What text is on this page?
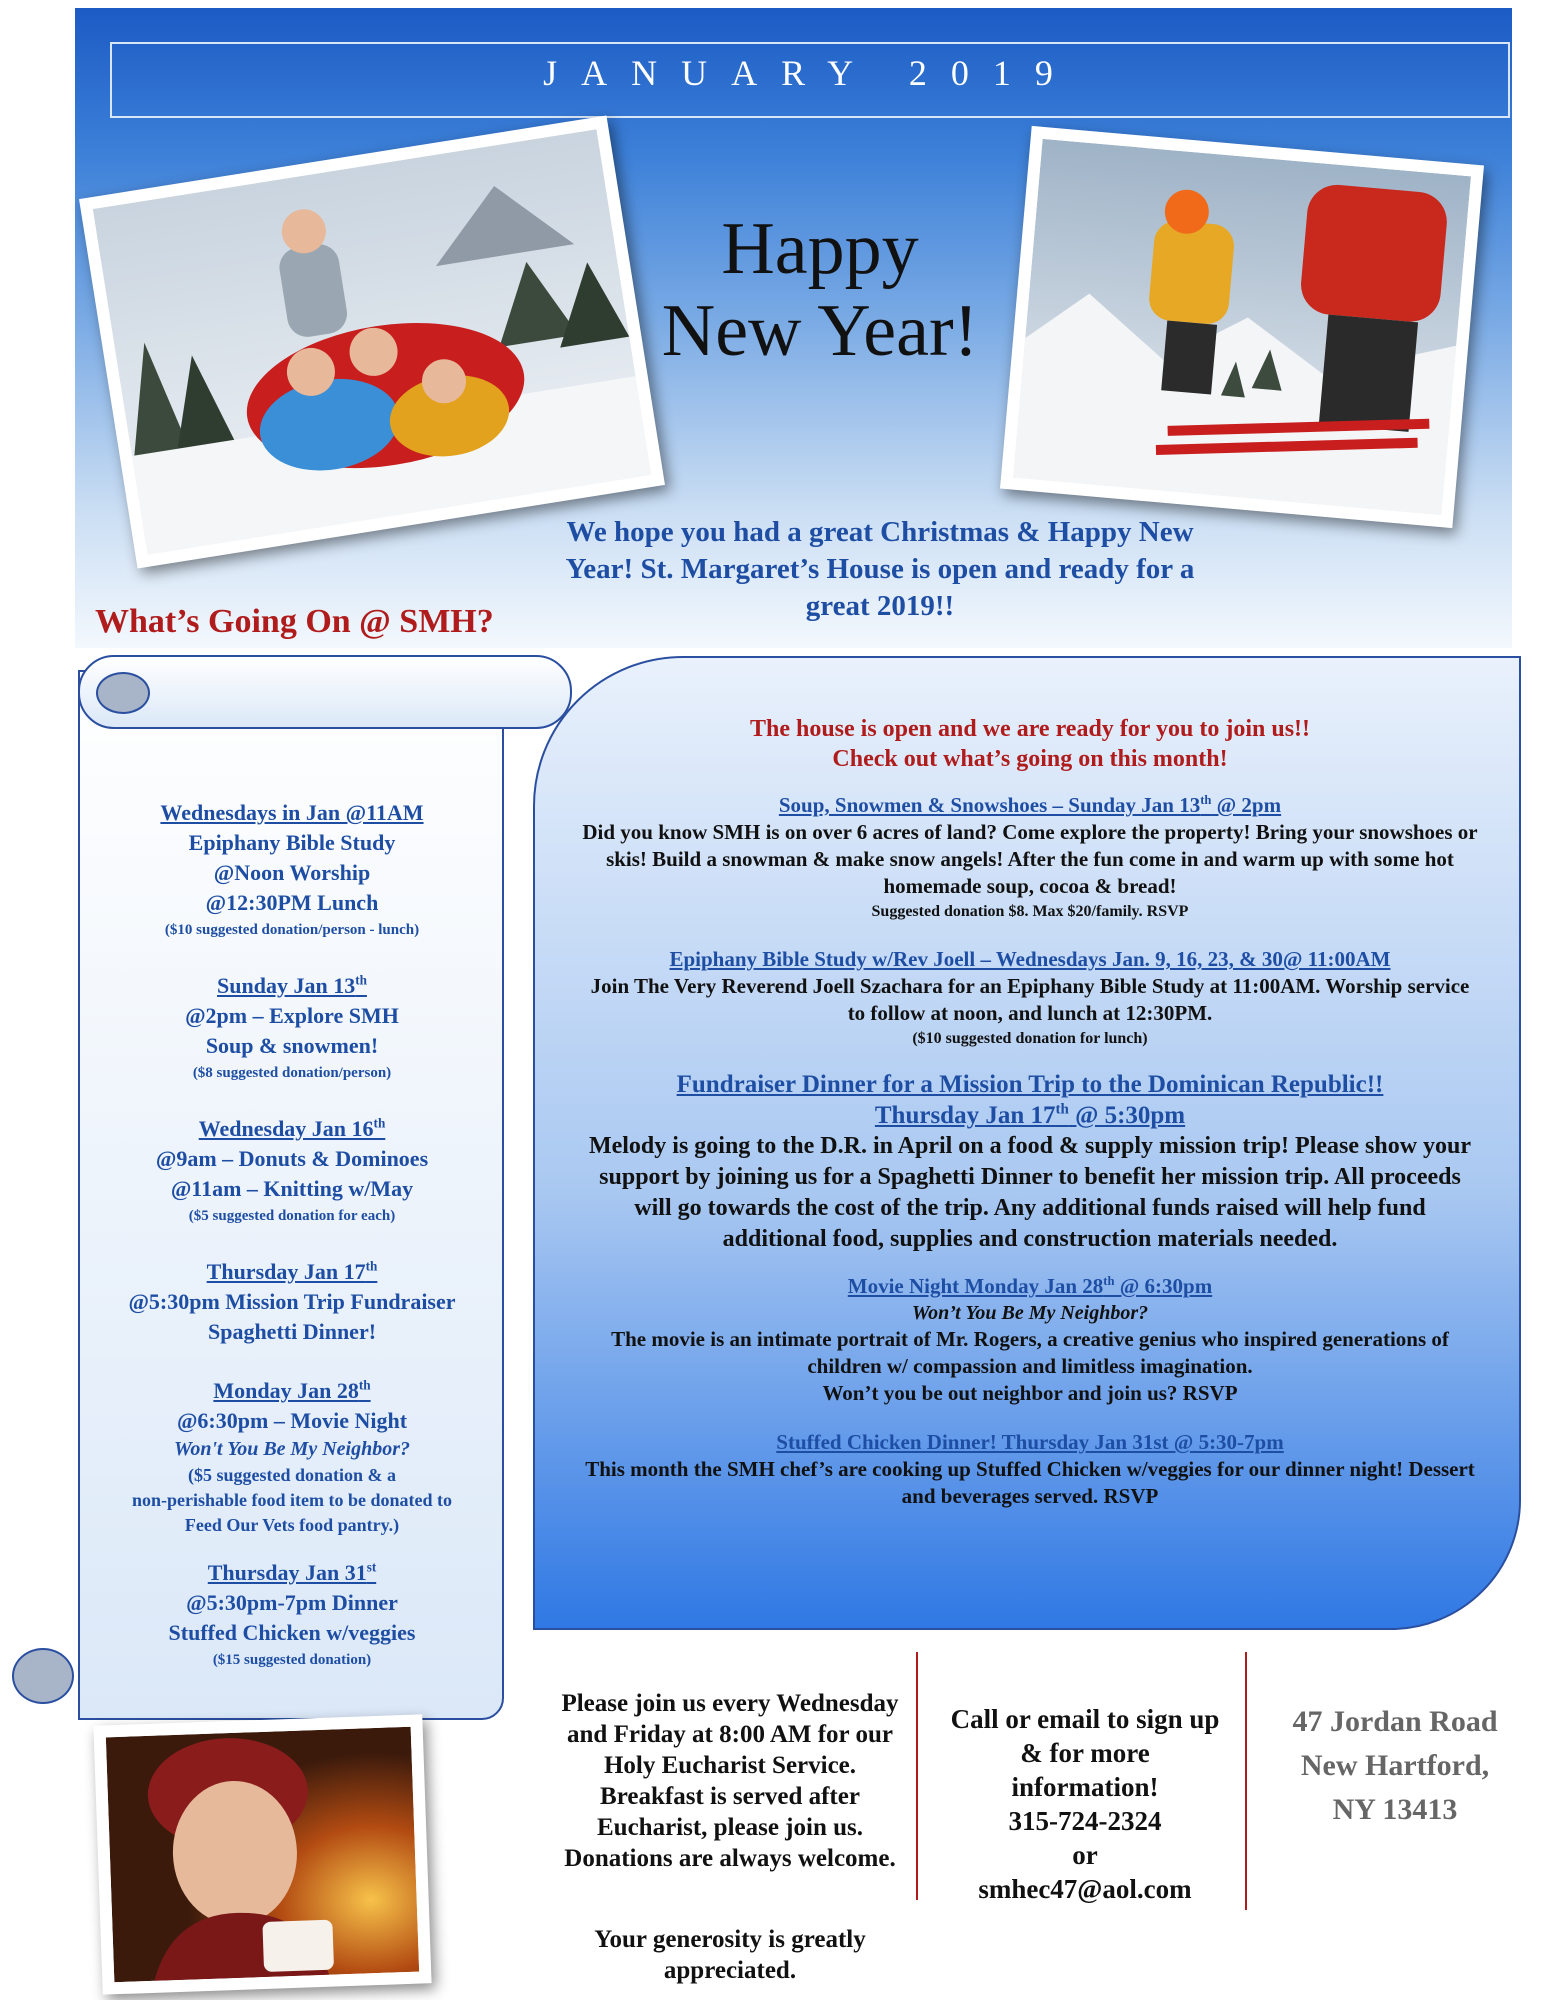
JANUARY 2019
Happy
New Year!
We hope you had a great Christmas & Happy New Year! St. Margaret’s House is open and ready for a great 2019!!
What’s Going On @ SMH?
Wednesdays in Jan @11AM
Epiphany Bible Study
@Noon Worship
@12:30PM Lunch
($10 suggested donation/person - lunch)
Sunday Jan 13th
@2pm – Explore SMH
Soup & snowmen!
($8 suggested donation/person)
Wednesday Jan 16th
@9am – Donuts & Dominoes
@11am – Knitting w/May
($5 suggested donation for each)
Thursday Jan 17th
@5:30pm Mission Trip Fundraiser
Spaghetti Dinner!
Monday Jan 28th
@6:30pm – Movie Night
Won't You Be My Neighbor?
($5 suggested donation & a
non-perishable food item to be donated to
Feed Our Vets food pantry.)
Thursday Jan 31st
@5:30pm-7pm Dinner
Stuffed Chicken w/veggies
($15 suggested donation)
The house is open and we are ready for you to join us!!
Check out what’s going on this month!
Soup, Snowmen & Snowshoes – Sunday Jan 13th @ 2pm
Did you know SMH is on over 6 acres of land? Come explore the property! Bring your snowshoes or skis! Build a snowman & make snow angels! After the fun come in and warm up with some hot homemade soup, cocoa & bread!
Suggested donation $8. Max $20/family. RSVP
Epiphany Bible Study w/Rev Joell – Wednesdays Jan. 9, 16, 23, & 30@ 11:00AM
Join The Very Reverend Joell Szachara for an Epiphany Bible Study at 11:00AM. Worship service to follow at noon, and lunch at 12:30PM.
($10 suggested donation for lunch)
Fundraiser Dinner for a Mission Trip to the Dominican Republic!!
Thursday Jan 17th @ 5:30pm
Melody is going to the D.R. in April on a food & supply mission trip! Please show your support by joining us for a Spaghetti Dinner to benefit her mission trip. All proceeds will go towards the cost of the trip. Any additional funds raised will help fund additional food, supplies and construction materials needed.
Movie Night Monday Jan 28th @ 6:30pm
Won’t You Be My Neighbor?
The movie is an intimate portrait of Mr. Rogers, a creative genius who inspired generations of children w/ compassion and limitless imagination.
Won’t you be out neighbor and join us? RSVP
Stuffed Chicken Dinner! Thursday Jan 31st @ 5:30-7pm
This month the SMH chef’s are cooking up Stuffed Chicken w/veggies for our dinner night! Dessert and beverages served. RSVP
Please join us every Wednesday and Friday at 8:00 AM for our Holy Eucharist Service. Breakfast is served after Eucharist, please join us. Donations are always welcome.
Your generosity is greatly appreciated.
Call or email to sign up & for more information!
315-724-2324
or
smhec47@aol.com
47 Jordan Road
New Hartford,
NY 13413
